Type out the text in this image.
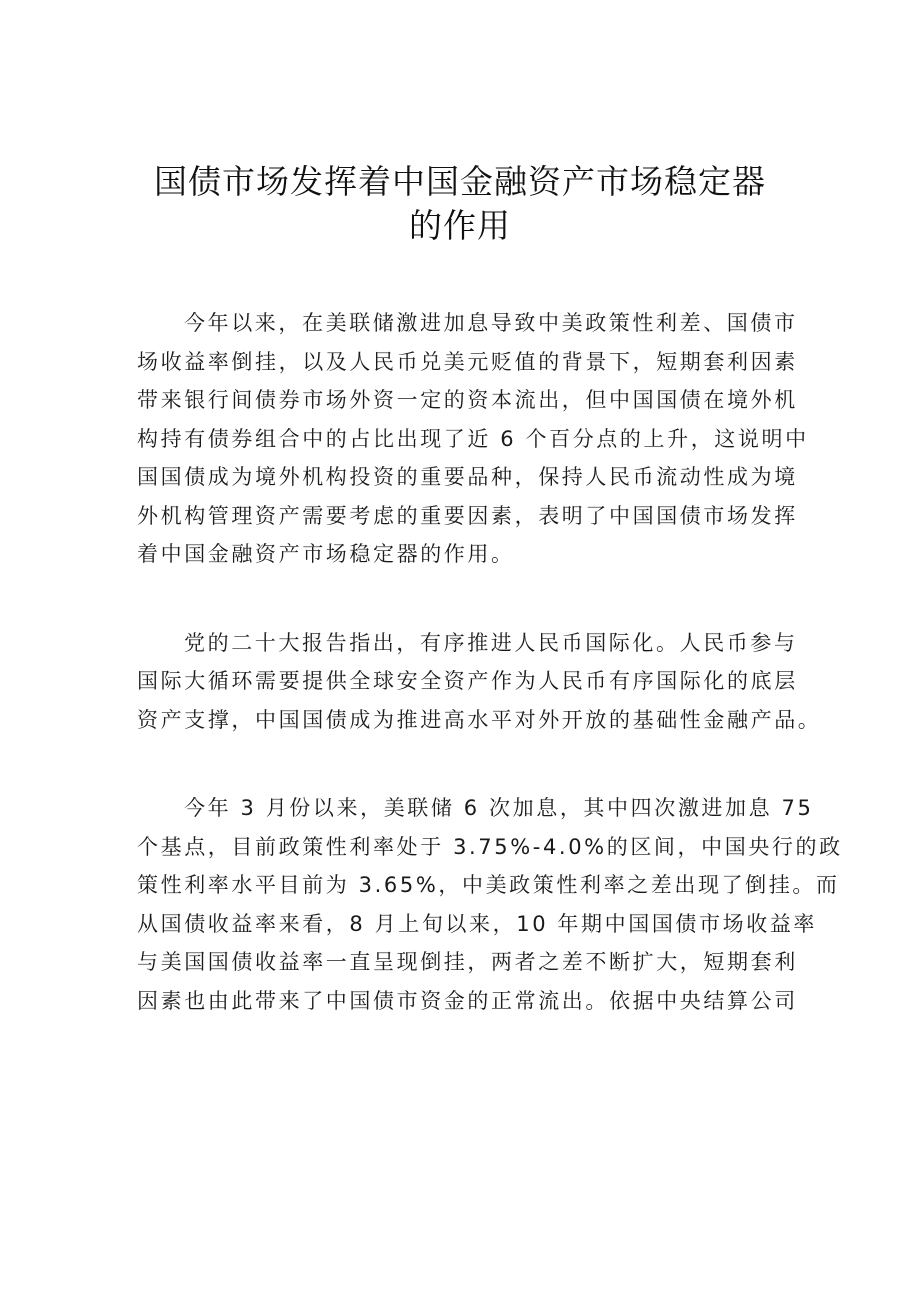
国债市场发挥着中国金融资产市场稳定器
的作用

今年以来，在美联储激进加息导致中美政策性利差、国债市
场收益率倒挂，以及人民币兑美元贬值的背景下，短期套利因素
带来银行间债券市场外资一定的资本流出，但中国国债在境外机
构持有债券组合中的占比出现了近 6 个百分点的上升，这说明中
国国债成为境外机构投资的重要品种，保持人民币流动性成为境
外机构管理资产需要考虑的重要因素，表明了中国国债市场发挥
着中国金融资产市场稳定器的作用。

党的二十大报告指出，有序推进人民币国际化。人民币参与
国际大循环需要提供全球安全资产作为人民币有序国际化的底层
资产支撑，中国国债成为推进高水平对外开放的基础性金融产品。

今年 3 月份以来，美联储 6 次加息，其中四次激进加息 75
个基点，目前政策性利率处于 3.75%-4.0%的区间，中国央行的政
策性利率水平目前为 3.65%，中美政策性利率之差出现了倒挂。而
从国债收益率来看，8 月上旬以来，10 年期中国国债市场收益率
与美国国债收益率一直呈现倒挂，两者之差不断扩大，短期套利
因素也由此带来了中国债市资金的正常流出。依据中央结算公司
